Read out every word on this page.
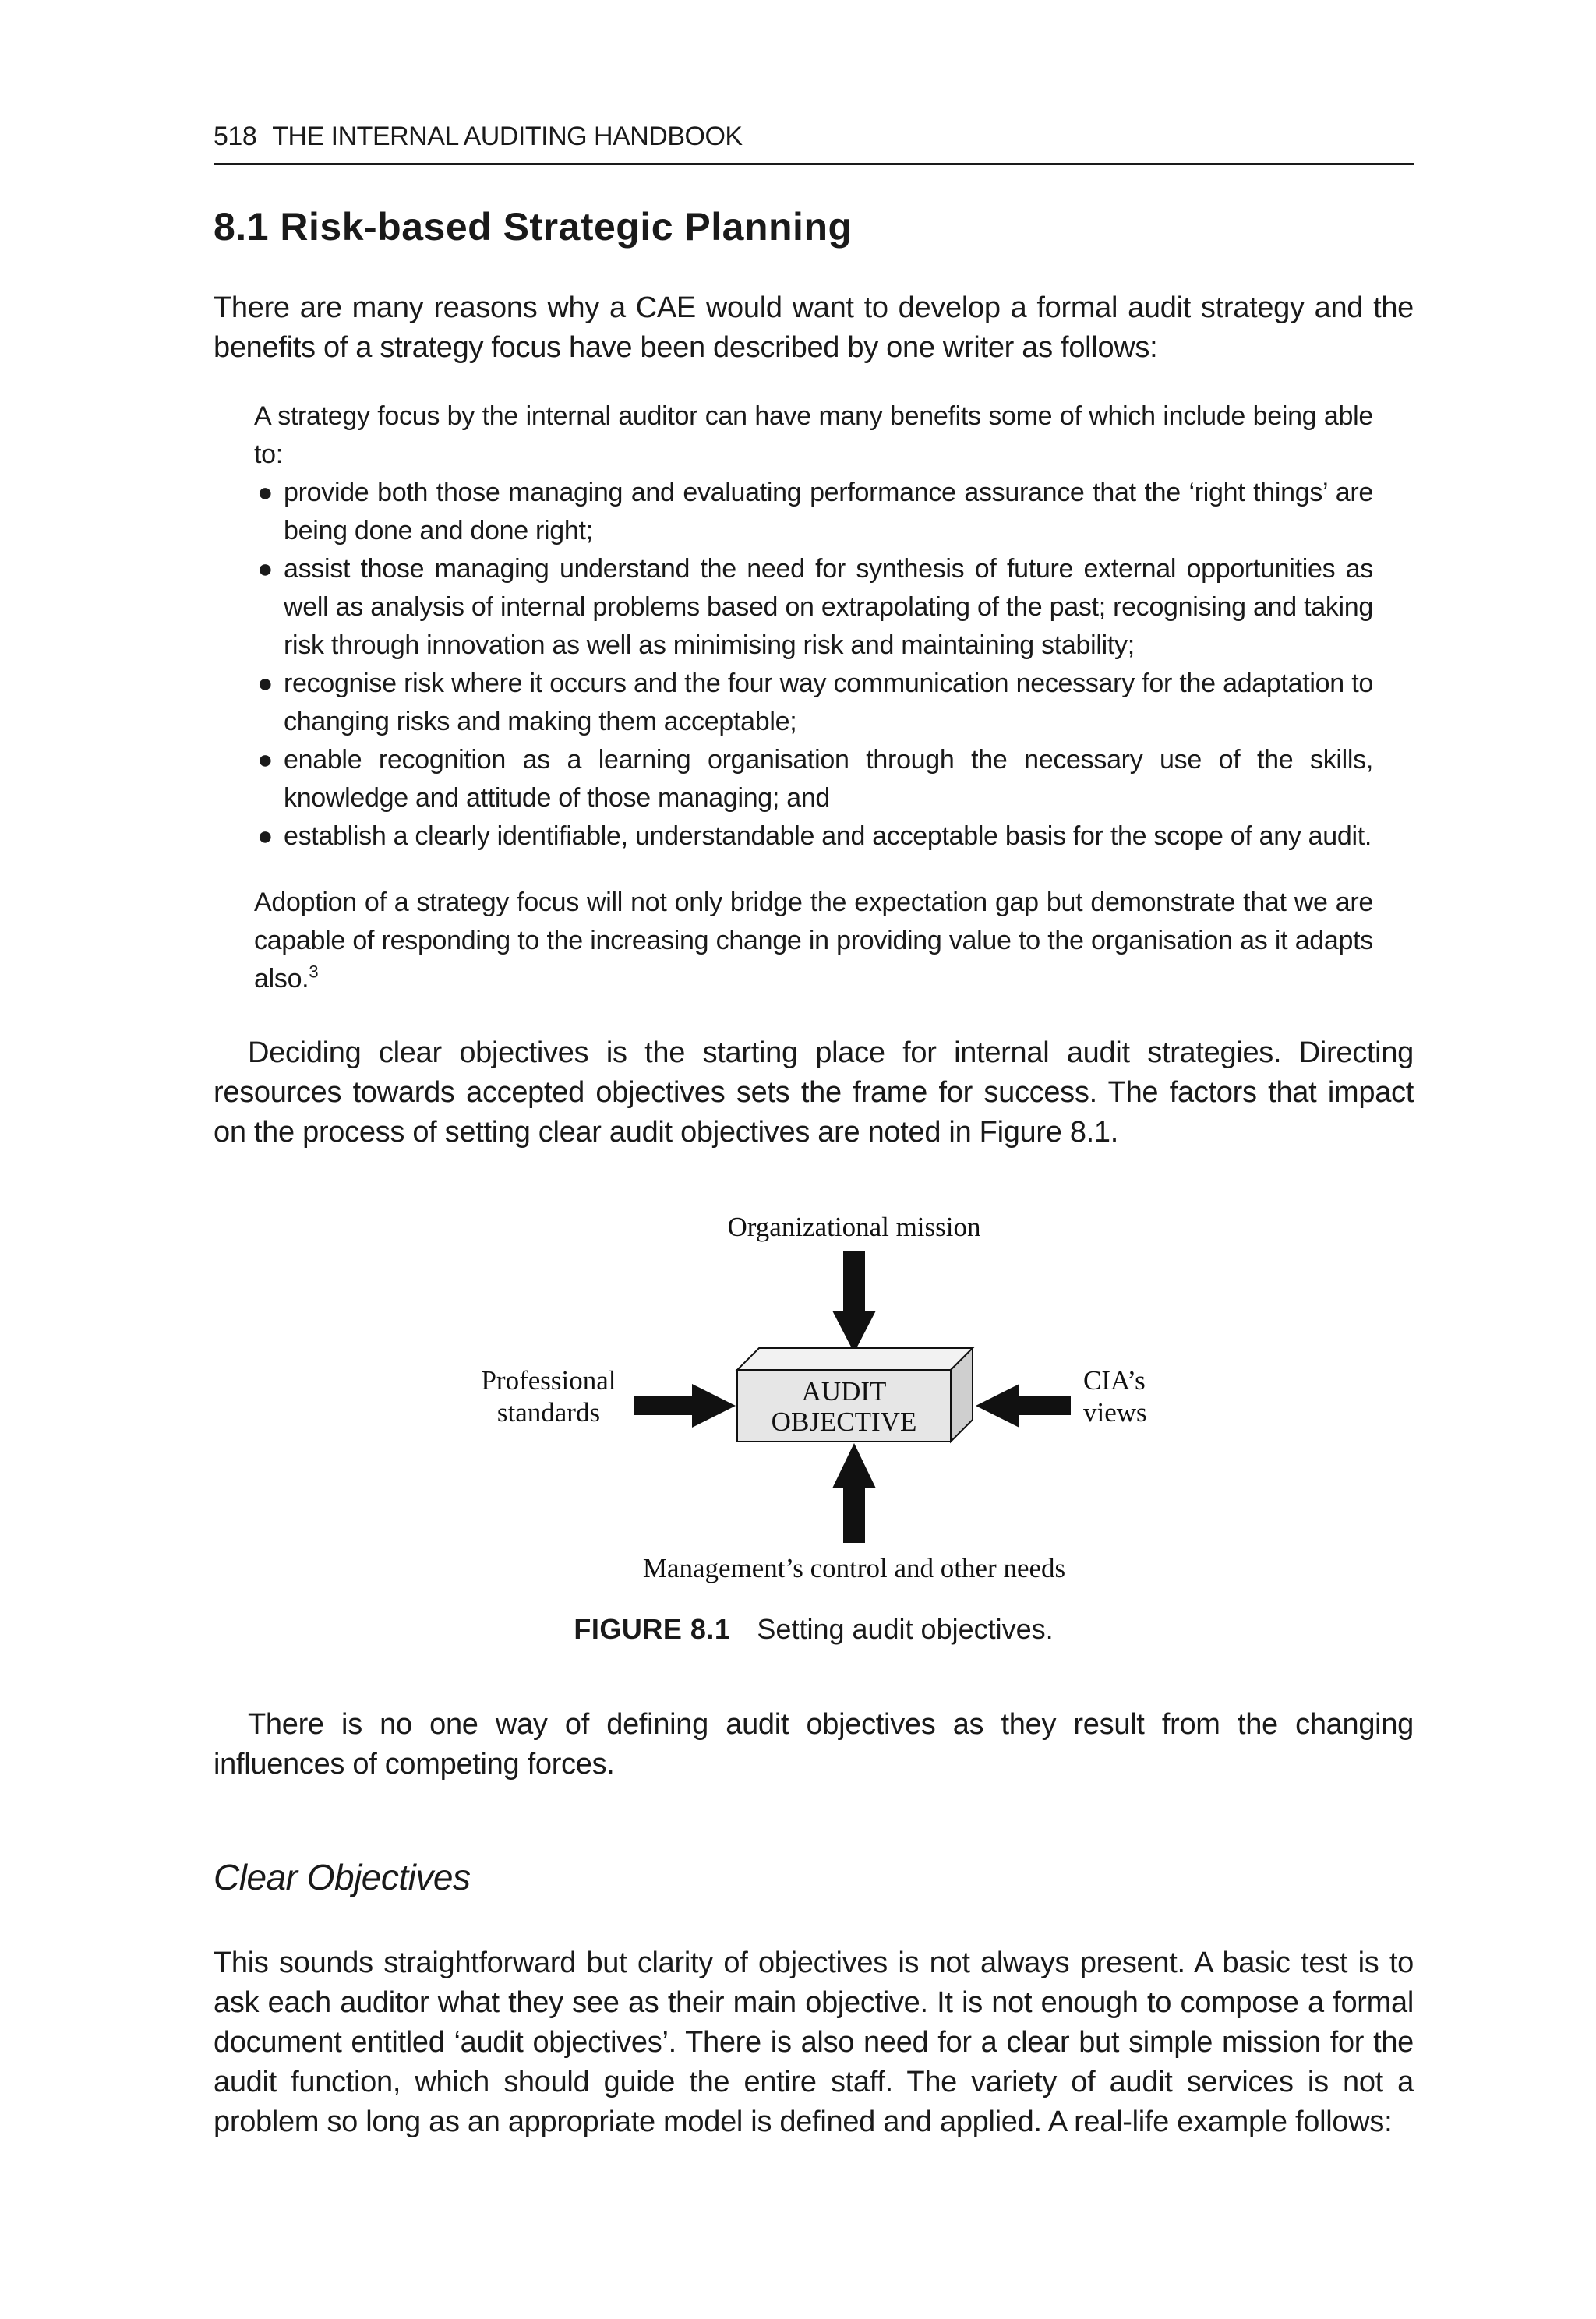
518 THE INTERNAL AUDITING HANDBOOK
8.1 Risk-based Strategic Planning

There are many reasons why a CAE would want to develop a formal audit strategy and the benefits of a strategy focus have been described by one writer as follows:

A strategy focus by the internal auditor can have many benefits some of which include being able to:

● provide both those managing and evaluating performance assurance that the ‘right things’ are being done and done right;
● assist those managing understand the need for synthesis of future external opportunities as well as analysis of internal problems based on extrapolating of the past; recognising and taking risk through innovation as well as minimising risk and maintaining stability;
● recognise risk where it occurs and the four way communication necessary for the adaptation to changing risks and making them acceptable;
● enable recognition as a learning organisation through the necessary use of the skills, knowledge and attitude of those managing; and
● establish a clearly identifiable, understandable and acceptable basis for the scope of any audit.

Adoption of a strategy focus will not only bridge the expectation gap but demonstrate that we are capable of responding to the increasing change in providing value to the organisation as it adapts also.$^3$

Deciding clear objectives is the starting place for internal audit strategies. Directing resources towards accepted objectives sets the frame for success. The factors that impact on the process of setting clear audit objectives are noted in Figure 8.1.

Organizational mission
AUDIT
OBJECTIVE
Professional
standards
CIA’s
views
Management’s control and other needs
FIGURE 8.1 Setting audit objectives.

There is no one way of defining audit objectives as they result from the changing influences of competing forces.

Clear Objectives

This sounds straightforward but clarity of objectives is not always present. A basic test is to ask each auditor what they see as their main objective. It is not enough to compose a formal document entitled ‘audit objectives’. There is also need for a clear but simple mission for the audit function, which should guide the entire staff. The variety of audit services is not a problem so long as an appropriate model is defined and applied. A real-life example follows:
